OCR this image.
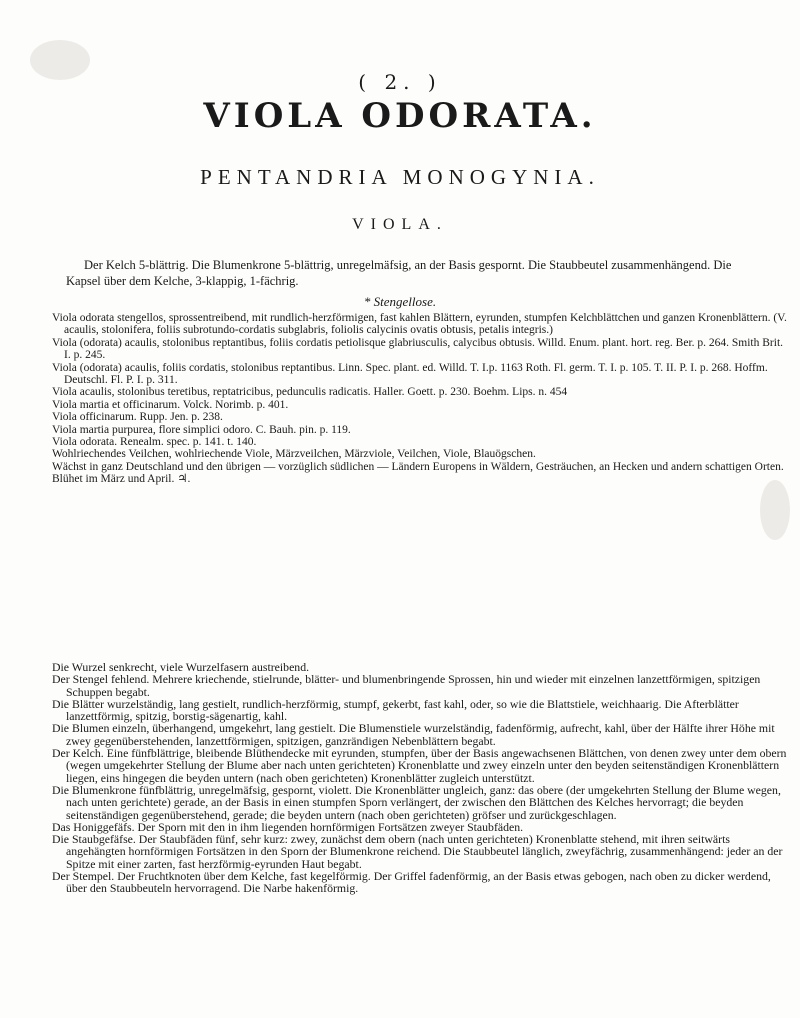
( 2. )
VIOLA ODORATA.
PENTANDRIA MONOGYNIA.
VIOLA.

Der Kelch 5-blättrig. Die Blumenkrone 5-blättrig, unregelmäfsig, an der Basis gespornt. Die Staubbeutel zusammenhängend. Die Kapsel über dem Kelche, 3-klappig, 1-fächrig.

* Stengellose.

Viola odorata stengellos, sprossentreibend, mit rundlich-herzförmigen, fast kahlen Blättern, eyrunden, stumpfen Kelchblättchen und ganzen Kronenblättern. (V. acaulis, stolonifera, foliis subrotundo-cordatis subglabris, foliolis calycinis ovatis obtusis, petalis integris.)

Viola (odorata) acaulis, stolonibus reptantibus, foliis cordatis petiolisque glabriusculis, calycibus obtusis. Willd. Enum. plant. hort. reg. Ber. p. 264. Smith Brit. I. p. 245.

Viola (odorata) acaulis, foliis cordatis, stolonibus reptantibus. Linn. Spec. plant. ed. Willd. T. I.p. 1163 Roth. Fl. germ. T. I. p. 105. T. II. P. I. p. 268. Hoffm. Deutschl. Fl. P. I. p. 311.

Viola acaulis, stolonibus teretibus, reptatricibus, pedunculis radicatis. Haller. Goett. p. 230. Boehm. Lips. n. 454

Viola martia et officinarum. Volck. Norimb. p. 401.

Viola officinarum. Rupp. Jen. p. 238.

Viola martia purpurea, flore simplici odoro. C. Bauh. pin. p. 119.

Viola odorata. Renealm. spec. p. 141. t. 140.

Wohlriechendes Veilchen, wohlriechende Viole, Märzveilchen, Märzviole, Veilchen, Viole, Blauögschen.

Wächst in ganz Deutschland und den übrigen — vorzüglich südlichen — Ländern Europens in Wäldern, Gesträuchen, an Hecken und andern schattigen Orten.

Blühet im März und April. ♃.

Die Wurzel senkrecht, viele Wurzelfasern austreibend.

Der Stengel fehlend. Mehrere kriechende, stielrunde, blätter- und blumenbringende Sprossen, hin und wieder mit einzelnen lanzettförmigen, spitzigen Schuppen begabt.

Die Blätter wurzelständig, lang gestielt, rundlich-herzförmig, stumpf, gekerbt, fast kahl, oder, so wie die Blattstiele, weichhaarig. Die Afterblätter lanzettförmig, spitzig, borstig-sägenartig, kahl.

Die Blumen einzeln, überhangend, umgekehrt, lang gestielt. Die Blumenstiele wurzelständig, fadenförmig, aufrecht, kahl, über der Hälfte ihrer Höhe mit zwey gegenüberstehenden, lanzettförmigen, spitzigen, ganzrändigen Nebenblättern begabt.

Der Kelch. Eine fünfblättrige, bleibende Blüthendecke mit eyrunden, stumpfen, über der Basis angewachsenen Blättchen, von denen zwey unter dem obern (wegen umgekehrter Stellung der Blume aber nach unten gerichteten) Kronenblatte und zwey einzeln unter den beyden seitenständigen Kronenblättern liegen, eins hingegen die beyden untern (nach oben gerichteten) Kronenblätter zugleich unterstützt.

Die Blumenkrone fünfblättrig, unregelmäfsig, gespornt, violett. Die Kronenblätter ungleich, ganz: das obere (der umgekehrten Stellung der Blume wegen, nach unten gerichtete) gerade, an der Basis in einen stumpfen Sporn verlängert, der zwischen den Blättchen des Kelches hervorragt; die beyden seitenständigen gegenüberstehend, gerade; die beyden untern (nach oben gerichteten) gröfser und zurückgeschlagen.

Das Honiggefäfs. Der Sporn mit den in ihm liegenden hornförmigen Fortsätzen zweyer Staubfäden.

Die Staubgefäfse. Der Staubfäden fünf, sehr kurz: zwey, zunächst dem obern (nach unten gerichteten) Kronenblatte stehend, mit ihren seitwärts angehängten hornförmigen Fortsätzen in den Sporn der Blumenkrone reichend. Die Staubbeutel länglich, zweyfächrig, zusammenhängend: jeder an der Spitze mit einer zarten, fast herzförmig-eyrunden Haut begabt.

Der Stempel. Der Fruchtknoten über dem Kelche, fast kegelförmig. Der Griffel fadenförmig, an der Basis etwas gebogen, nach oben zu dicker werdend, über den Staubbeuteln hervorragend. Die Narbe hakenförmig.
